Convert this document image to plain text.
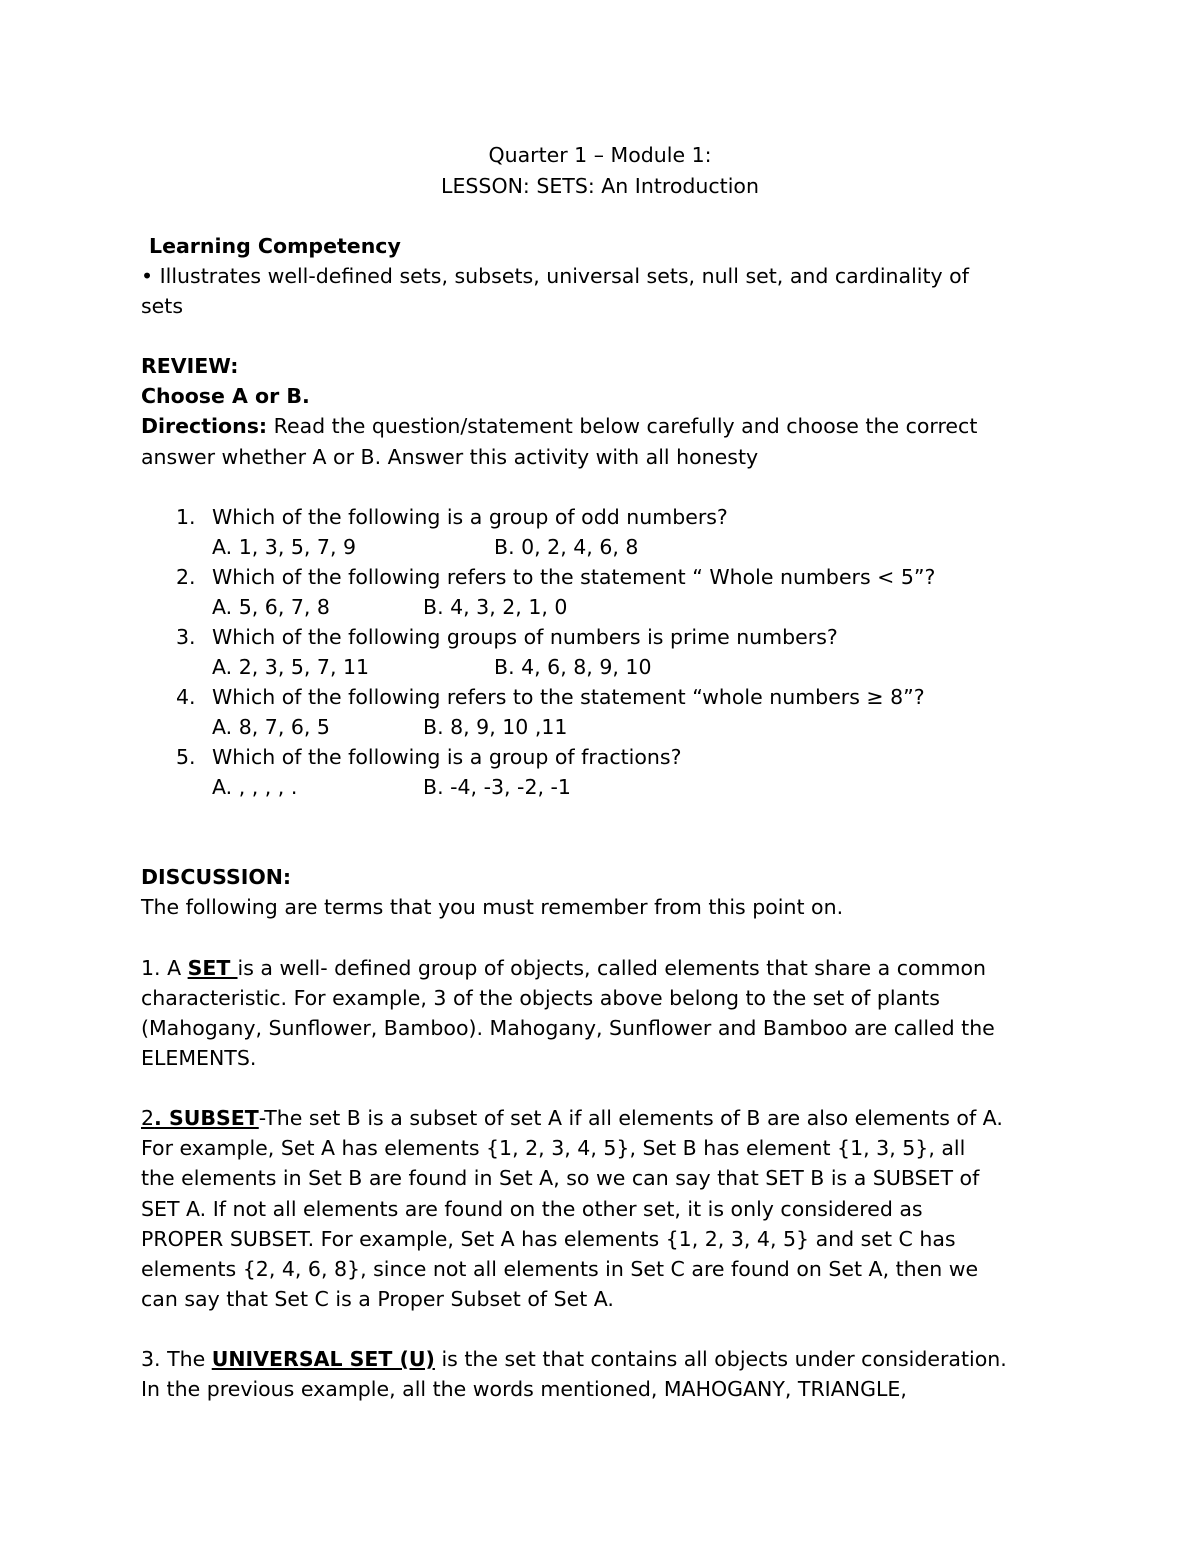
Quarter 1 – Module 1:
LESSON: SETS: An Introduction
Learning Competency
• Illustrates well-defined sets, subsets, universal sets, null set, and cardinality of
sets
REVIEW:
Choose A or B.
Directions: Read the question/statement below carefully and choose the correct
answer whether A or B. Answer this activity with all honesty
1. Which of the following is a group of odd numbers?
A. 1, 3, 5, 7, 9	B. 0, 2, 4, 6, 8
2. Which of the following refers to the statement “ Whole numbers < 5”?
A. 5, 6, 7, 8	B. 4, 3, 2, 1, 0
3. Which of the following groups of numbers is prime numbers?
A. 2, 3, 5, 7, 11	B. 4, 6, 8, 9, 10
4. Which of the following refers to the statement “whole numbers ≥ 8”?
A. 8, 7, 6, 5	B. 8, 9, 10 ,11
5. Which of the following is a group of fractions?
A. , , , , .	B. -4, -3, -2, -1
DISCUSSION:
The following are terms that you must remember from this point on.
1. A SET is a well- defined group of objects, called elements that share a common
characteristic. For example, 3 of the objects above belong to the set of plants
(Mahogany, Sunflower, Bamboo). Mahogany, Sunflower and Bamboo are called the
ELEMENTS.
2. SUBSET-The set B is a subset of set A if all elements of B are also elements of A.
For example, Set A has elements {1, 2, 3, 4, 5}, Set B has element {1, 3, 5}, all
the elements in Set B are found in Set A, so we can say that SET B is a SUBSET of
SET A. If not all elements are found on the other set, it is only considered as
PROPER SUBSET. For example, Set A has elements {1, 2, 3, 4, 5} and set C has
elements {2, 4, 6, 8}, since not all elements in Set C are found on Set A, then we
can say that Set C is a Proper Subset of Set A.
3. The UNIVERSAL SET (U) is the set that contains all objects under consideration.
In the previous example, all the words mentioned, MAHOGANY, TRIANGLE,
